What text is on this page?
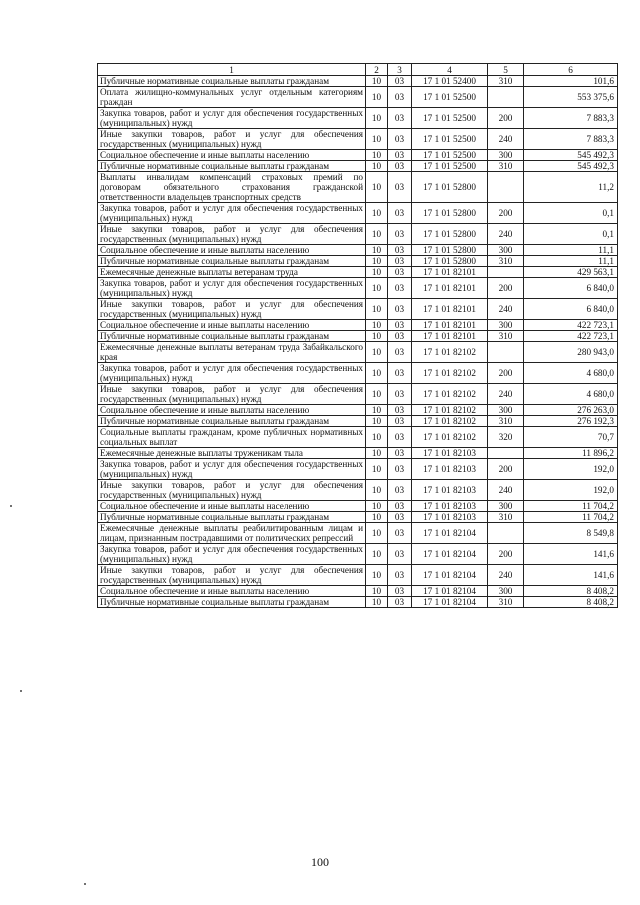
1	2	3	4	5	6
Публичные нормативные социальные выплаты гражданам	10	03	17 1 01 52400	310	101,6
Оплата жилищно-коммунальных услуг отдельным категориям граждан	10	03	17 1 01 52500		553 375,6
Закупка товаров, работ и услуг для обеспечения государственных (муниципальных) нужд	10	03	17 1 01 52500	200	7 883,3
Иные закупки товаров, работ и услуг для обеспечения государственных (муниципальных) нужд	10	03	17 1 01 52500	240	7 883,3
Социальное обеспечение и иные выплаты населению	10	03	17 1 01 52500	300	545 492,3
Публичные нормативные социальные выплаты гражданам	10	03	17 1 01 52500	310	545 492,3
Выплаты инвалидам компенсаций страховых премий по договорам обязательного страхования гражданской ответственности владельцев транспортных средств	10	03	17 1 01 52800		11,2
Закупка товаров, работ и услуг для обеспечения государственных (муниципальных) нужд	10	03	17 1 01 52800	200	0,1
Иные закупки товаров, работ и услуг для обеспечения государственных (муниципальных) нужд	10	03	17 1 01 52800	240	0,1
Социальное обеспечение и иные выплаты населению	10	03	17 1 01 52800	300	11,1
Публичные нормативные социальные выплаты гражданам	10	03	17 1 01 52800	310	11,1
Ежемесячные денежные выплаты ветеранам труда	10	03	17 1 01 82101		429 563,1
Закупка товаров, работ и услуг для обеспечения государственных (муниципальных) нужд	10	03	17 1 01 82101	200	6 840,0
Иные закупки товаров, работ и услуг для обеспечения государственных (муниципальных) нужд	10	03	17 1 01 82101	240	6 840,0
Социальное обеспечение и иные выплаты населению	10	03	17 1 01 82101	300	422 723,1
Публичные нормативные социальные выплаты гражданам	10	03	17 1 01 82101	310	422 723,1
Ежемесячные денежные выплаты ветеранам труда Забайкальского края	10	03	17 1 01 82102		280 943,0
Закупка товаров, работ и услуг для обеспечения государственных (муниципальных) нужд	10	03	17 1 01 82102	200	4 680,0
Иные закупки товаров, работ и услуг для обеспечения государственных (муниципальных) нужд	10	03	17 1 01 82102	240	4 680,0
Социальное обеспечение и иные выплаты населению	10	03	17 1 01 82102	300	276 263,0
Публичные нормативные социальные выплаты гражданам	10	03	17 1 01 82102	310	276 192,3
Социальные выплаты гражданам, кроме публичных нормативных социальных выплат	10	03	17 1 01 82102	320	70,7
Ежемесячные денежные выплаты труженикам тыла	10	03	17 1 01 82103		11 896,2
Закупка товаров, работ и услуг для обеспечения государственных (муниципальных) нужд	10	03	17 1 01 82103	200	192,0
Иные закупки товаров, работ и услуг для обеспечения государственных (муниципальных) нужд	10	03	17 1 01 82103	240	192,0
Социальное обеспечение и иные выплаты населению	10	03	17 1 01 82103	300	11 704,2
Публичные нормативные социальные выплаты гражданам	10	03	17 1 01 82103	310	11 704,2
Ежемесячные денежные выплаты реабилитированным лицам и лицам, признанным пострадавшими от политических репрессий	10	03	17 1 01 82104		8 549,8
Закупка товаров, работ и услуг для обеспечения государственных (муниципальных) нужд	10	03	17 1 01 82104	200	141,6
Иные закупки товаров, работ и услуг для обеспечения государственных (муниципальных) нужд	10	03	17 1 01 82104	240	141,6
Социальное обеспечение и иные выплаты населению	10	03	17 1 01 82104	300	8 408,2
Публичные нормативные социальные выплаты гражданам	10	03	17 1 01 82104	310	8 408,2
100
